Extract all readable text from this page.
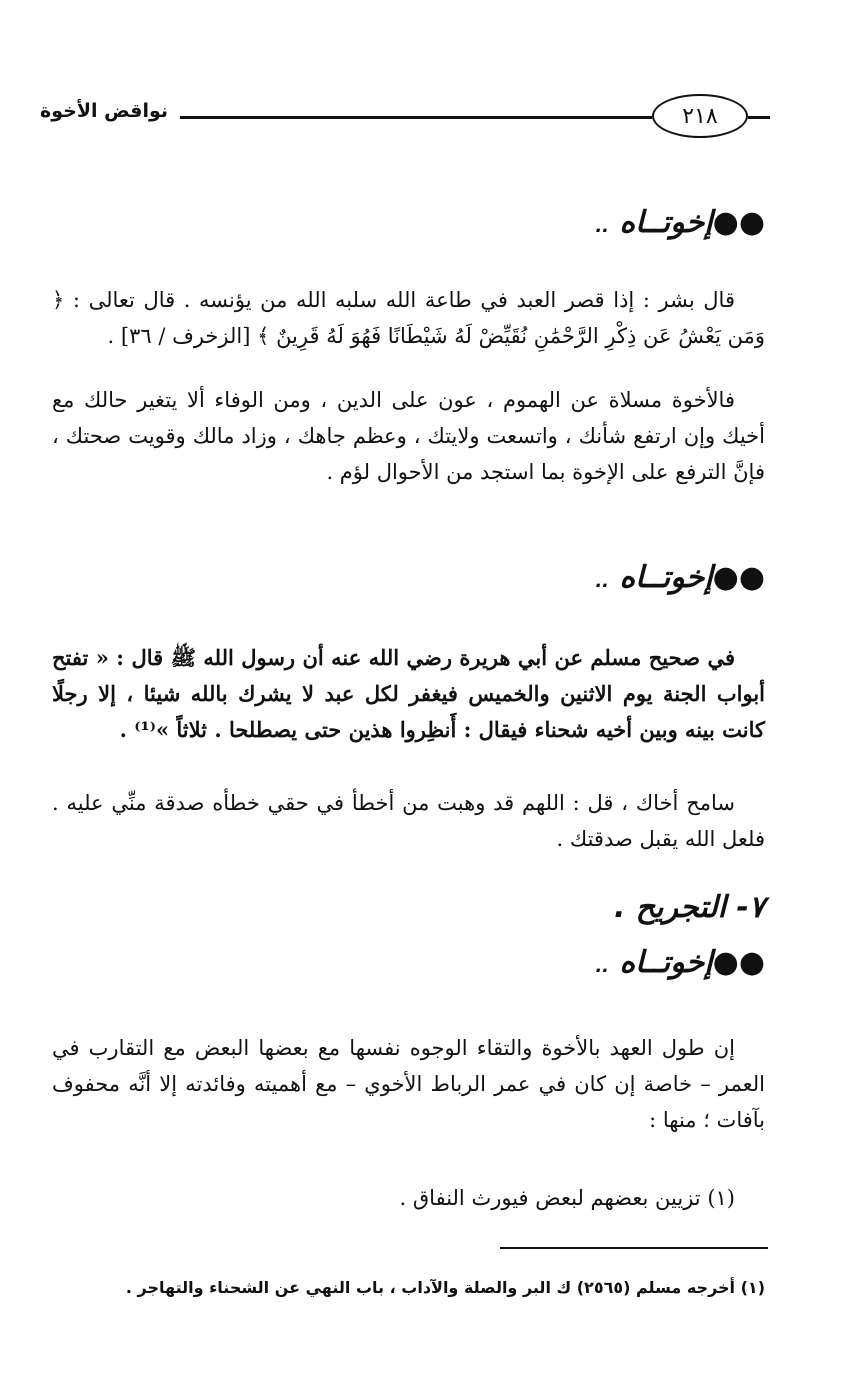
٢١٨
نواقض الأخوة
●●إخوتــاه ..
قال بشر : إذا قصر العبد في طاعة الله سلبه الله من يؤنسه . قال تعالى : ﴿ وَمَن يَعْشُ عَن ذِكْرِ الرَّحْمَٰنِ نُقَيِّضْ لَهُ شَيْطَانًا فَهُوَ لَهُ قَرِينٌ ﴾ [الزخرف / ٣٦] .
فالأخوة مسلاة عن الهموم ، عون على الدين ، ومن الوفاء ألا يتغير حالك مع أخيك وإن ارتفع شأنك ، واتسعت ولايتك ، وعظم جاهك ، وزاد مالك وقويت صحتك ، فإنَّ الترفع على الإخوة بما استجد من الأحوال لؤم .
●●إخوتــاه ..
في صحيح مسلم عن أبي هريرة رضي الله عنه أن رسول الله ﷺ قال : « تفتح أبواب الجنة يوم الاثنين والخميس فيغفر لكل عبد لا يشرك بالله شيئا ، إلا رجلًا كانت بينه وبين أخيه شحناء فيقال : أَنظِروا هذين حتى يصطلحا . ثلاثاً »⁽¹⁾ .
سامح أخاك ، قل : اللهم قد وهبت من أخطأ في حقي خطأه صدقة منِّي عليه . فلعل الله يقبل صدقتك .
٧- التجريح .
●●إخوتــاه ..
إن طول العهد بالأخوة والتقاء الوجوه نفسها مع بعضها البعض مع التقارب في العمر – خاصة إن كان في عمر الرباط الأخوي – مع أهميته وفائدته إلا أنَّه محفوف بآفات ؛ منها :
(١) تزيين بعضهم لبعض فيورث النفاق .
(١) أخرجه مسلم (٢٥٦٥) ك البر والصلة والآداب ، باب النهي عن الشحناء والتهاجر .
